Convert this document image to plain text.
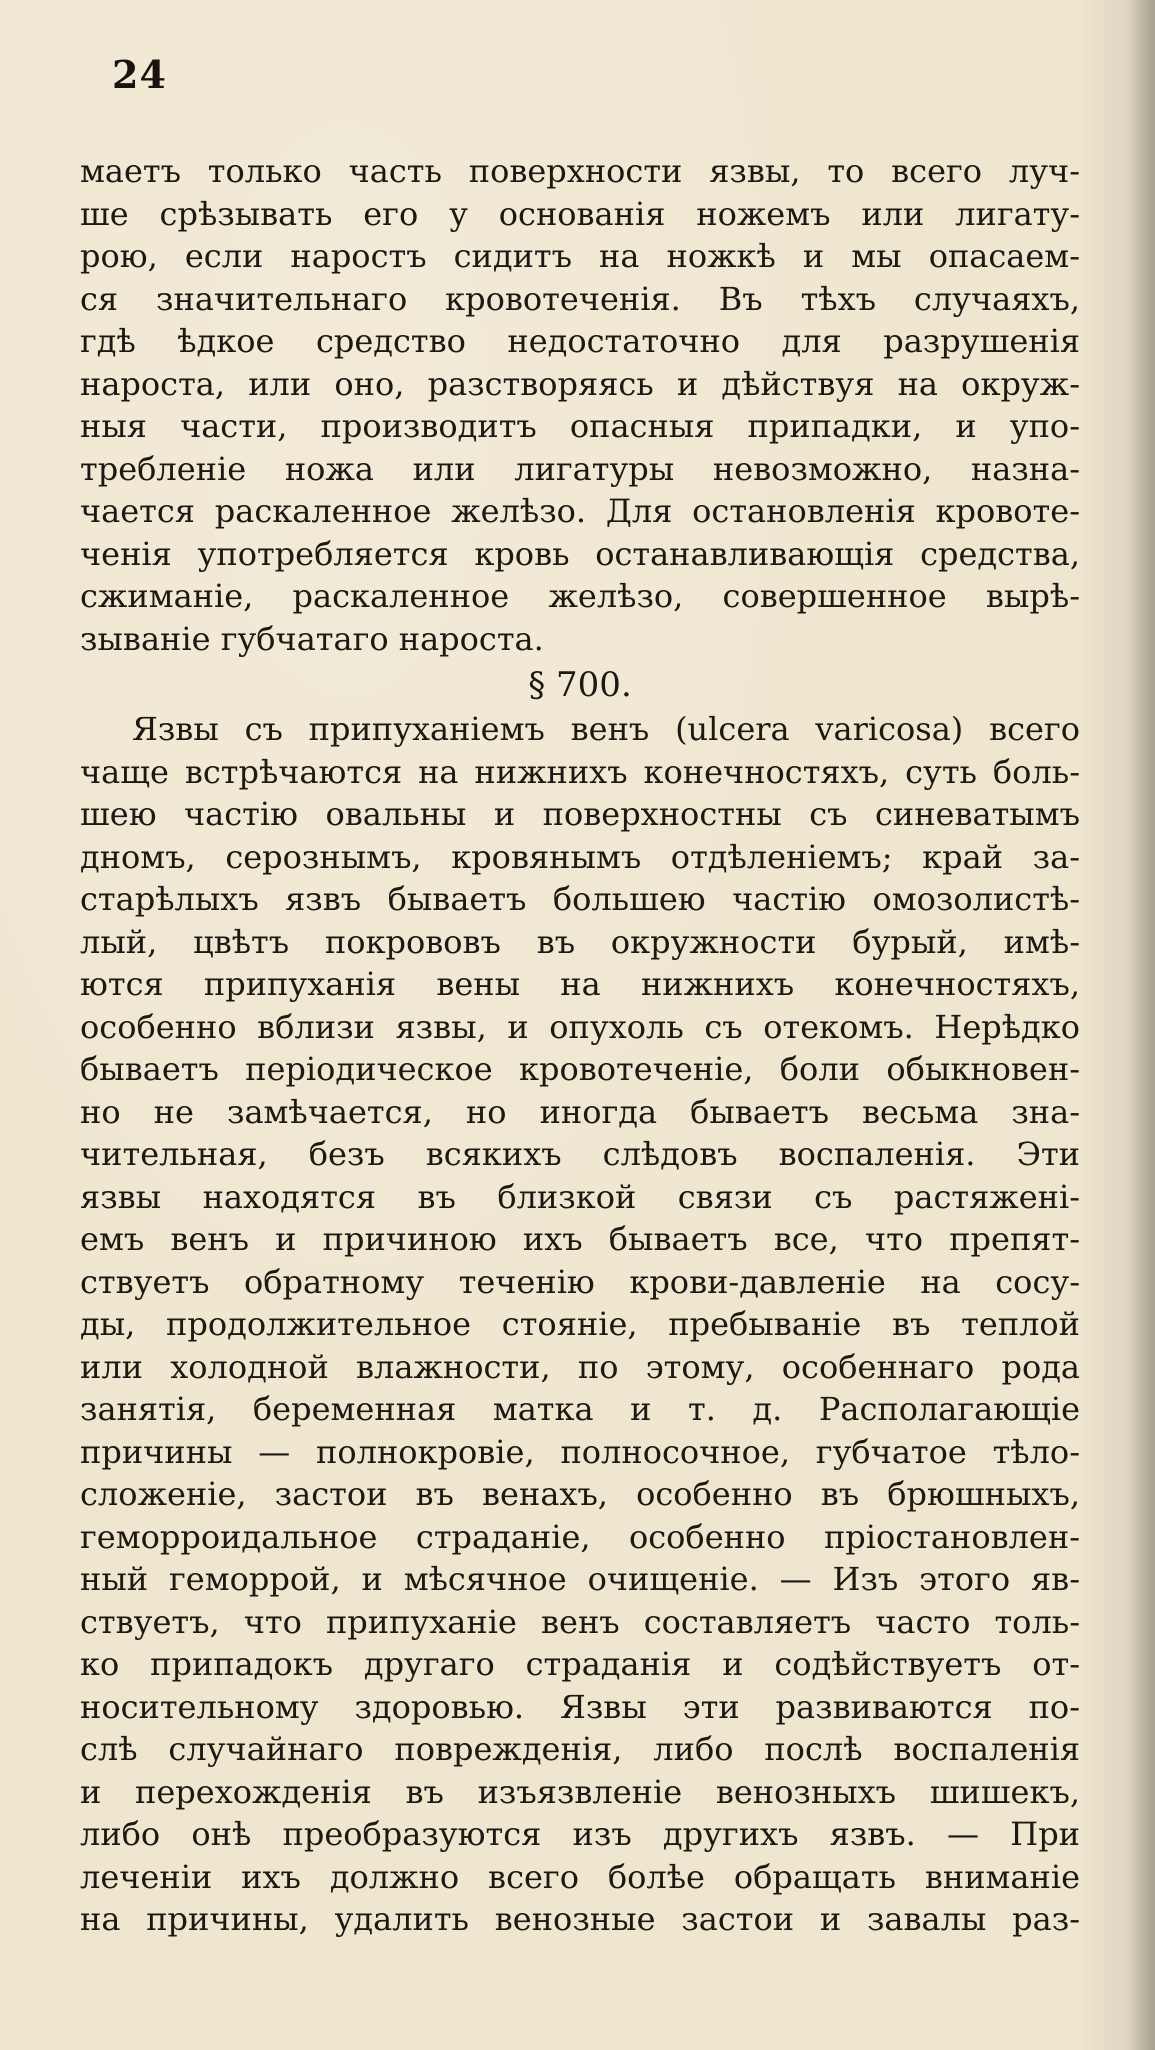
24
маетъ только часть поверхности язвы, то всего луч-
ше срѣзывать его у основанія ножемъ или лигату-
рою, если наростъ сидитъ на ножкѣ и мы опасаем-
ся значительнаго кровотеченія. Въ тѣхъ случаяхъ,
гдѣ ѣдкое средство недостаточно для разрушенія
нароста, или оно, разстворяясь и дѣйствуя на окруж-
ныя части, производитъ опасныя припадки, и упо-
требленіе ножа или лигатуры невозможно, назна-
чается раскаленное желѣзо. Для остановленія кровоте-
ченія употребляется кровь останавливающія средства,
сжиманіе, раскаленное желѣзо, совершенное вырѣ-
зываніе губчатаго нароста.
§ 700.
Язвы съ припуханіемъ венъ (ulcera varicosa) всего
чаще встрѣчаются на нижнихъ конечностяхъ, суть боль-
шею частію овальны и поверхностны съ синеватымъ
дномъ, серознымъ, кровянымъ отдѣленіемъ; край за-
старѣлыхъ язвъ бываетъ большею частію омозолистѣ-
лый, цвѣтъ покрововъ въ окружности бурый, имѣ-
ются припуханія вены на нижнихъ конечностяхъ,
особенно вблизи язвы, и опухоль съ отекомъ. Нерѣдко
бываетъ періодическое кровотеченіе, боли обыкновен-
но не замѣчается, но иногда бываетъ весьма зна-
чительная, безъ всякихъ слѣдовъ воспаленія. Эти
язвы находятся въ близкой связи съ растяжені-
емъ венъ и причиною ихъ бываетъ все, что препят-
ствуетъ обратному теченію крови-давленіе на сосу-
ды, продолжительное стояніе, пребываніе въ теплой
или холодной влажности, по этому, особеннаго рода
занятія, беременная матка и т. д. Располагающіе
причины — полнокровіе, полносочное, губчатое тѣло-
сложеніе, застои въ венахъ, особенно въ брюшныхъ,
геморроидальное страданіе, особенно пріостановлен-
ный геморрой, и мѣсячное очищеніе. — Изъ этого яв-
ствуетъ, что припуханіе венъ составляетъ часто толь-
ко припадокъ другаго страданія и содѣйствуетъ от-
носительному здоровью. Язвы эти развиваются по-
слѣ случайнаго поврежденія, либо послѣ воспаленія
и перехожденія въ изъязвленіе венозныхъ шишекъ,
либо онѣ преобразуются изъ другихъ язвъ. — При
леченіи ихъ должно всего болѣе обращать вниманіе
на причины, удалить венозные застои и завалы раз-
